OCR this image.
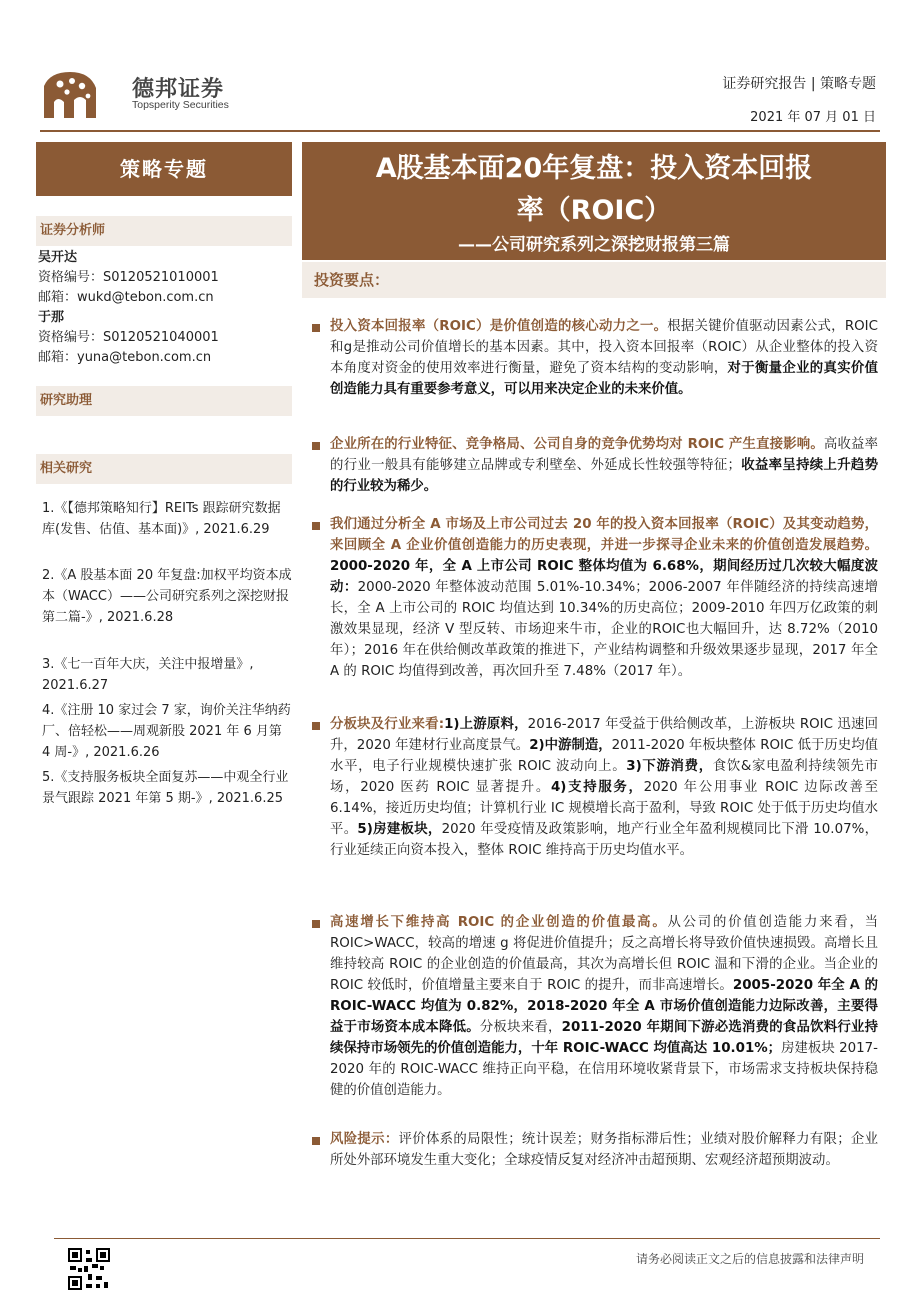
德邦证券
Topsperity Securities
证券研究报告 | 策略专题
2021 年 07 月 01 日
策略专题
证券分析师
吴开达
资格编号：S0120521010001
邮箱：wukd@tebon.com.cn
于那
资格编号：S0120521040001
邮箱：yuna@tebon.com.cn
研究助理
相关研究
1.《【德邦策略知行】REITs 跟踪研究数据库(发售、估值、基本面)》, 2021.6.29
2.《A 股基本面 20 年复盘:加权平均资本成本（WACC）——公司研究系列之深挖财报第二篇-》, 2021.6.28
3.《七一百年大庆，关注中报增量》, 2021.6.27
4.《注册 10 家过会 7 家，询价关注华纳药厂、倍轻松——周观新股 2021 年 6 月第 4 周-》, 2021.6.26
5.《支持服务板块全面复苏——中观全行业景气跟踪 2021 年第 5 期-》, 2021.6.25
A股基本面20年复盘：投入资本回报
率（ROIC）
——公司研究系列之深挖财报第三篇
投资要点：
投入资本回报率（ROIC）是价值创造的核心动力之一。根据关键价值驱动因素公式，ROIC和g是推动公司价值增长的基本因素。其中，投入资本回报率（ROIC）从企业整体的投入资本角度对资金的使用效率进行衡量，避免了资本结构的变动影响，对于衡量企业的真实价值创造能力具有重要参考意义，可以用来决定企业的未来价值。
企业所在的行业特征、竞争格局、公司自身的竞争优势均对 ROIC 产生直接影响。高收益率的行业一般具有能够建立品牌或专利壁垒、外延成长性较强等特征；收益率呈持续上升趋势的行业较为稀少。
我们通过分析全 A 市场及上市公司过去 20 年的投入资本回报率（ROIC）及其变动趋势，来回顾全 A 企业价值创造能力的历史表现，并进一步探寻企业未来的价值创造发展趋势。2000-2020 年，全 A 上市公司 ROIC 整体均值为 6.68%，期间经历过几次较大幅度波动：2000-2020 年整体波动范围 5.01%-10.34%；2006-2007 年伴随经济的持续高速增长，全 A 上市公司的 ROIC 均值达到 10.34%的历史高位；2009-2010 年四万亿政策的刺激效果显现，经济 V 型反转、市场迎来牛市，企业的ROIC也大幅回升，达 8.72%（2010 年）；2016 年在供给侧改革政策的推进下，产业结构调整和升级效果逐步显现，2017 年全 A 的 ROIC 均值得到改善，再次回升至 7.48%（2017 年）。
分板块及行业来看:1)上游原料，2016-2017 年受益于供给侧改革，上游板块 ROIC 迅速回升，2020 年建材行业高度景气。2)中游制造，2011-2020 年板块整体 ROIC 低于历史均值水平，电子行业规模快速扩张 ROIC 波动向上。3)下游消费，食饮&家电盈利持续领先市场，2020 医药 ROIC 显著提升。4)支持服务，2020 年公用事业 ROIC 边际改善至 6.14%，接近历史均值；计算机行业 IC 规模增长高于盈利，导致 ROIC 处于低于历史均值水平。5)房建板块，2020 年受疫情及政策影响，地产行业全年盈利规模同比下滑 10.07%，行业延续正向资本投入，整体 ROIC 维持高于历史均值水平。
高速增长下维持高 ROIC 的企业创造的价值最高。从公司的价值创造能力来看，当 ROIC>WACC，较高的增速 g 将促进价值提升；反之高增长将导致价值快速损毁。高增长且维持较高 ROIC 的企业创造的价值最高，其次为高增长但 ROIC 温和下滑的企业。当企业的 ROIC 较低时，价值增量主要来自于 ROIC 的提升，而非高速增长。2005-2020 年全 A 的 ROIC-WACC 均值为 0.82%，2018-2020 年全 A 市场价值创造能力边际改善，主要得益于市场资本成本降低。分板块来看，2011-2020 年期间下游必选消费的食品饮料行业持续保持市场领先的价值创造能力，十年 ROIC-WACC 均值高达 10.01%；房建板块 2017-2020 年的 ROIC-WACC 维持正向平稳，在信用环境收紧背景下，市场需求支持板块保持稳健的价值创造能力。
风险提示：评价体系的局限性；统计误差；财务指标滞后性；业绩对股价解释力有限；企业所处外部环境发生重大变化；全球疫情反复对经济冲击超预期、宏观经济超预期波动。
请务必阅读正文之后的信息披露和法律声明
